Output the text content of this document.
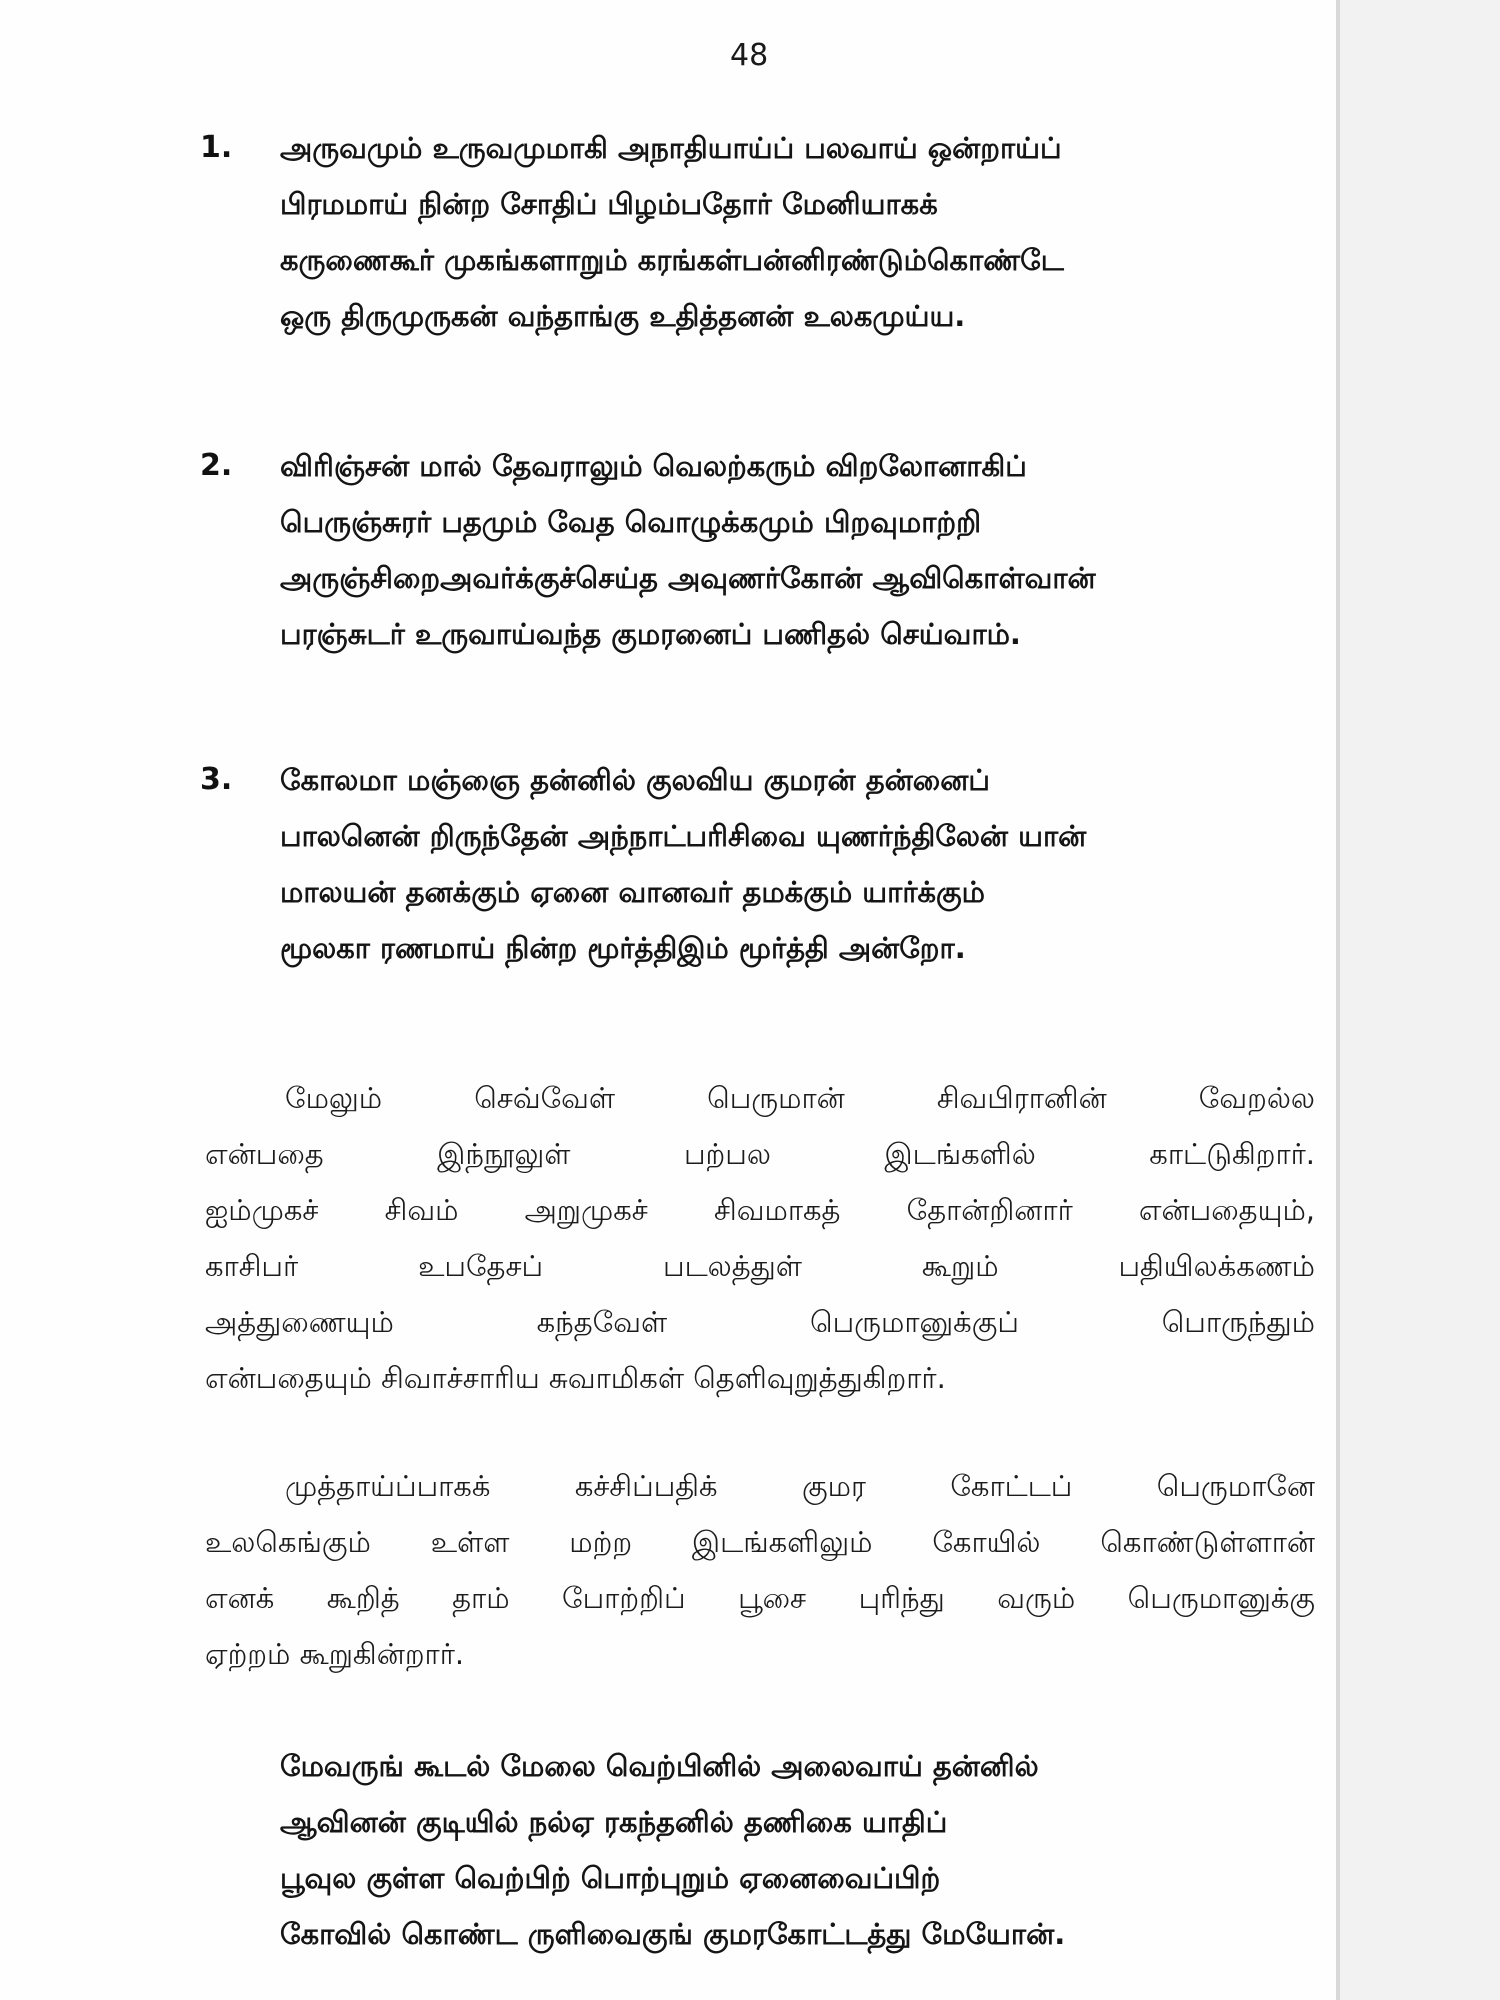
48
1. அருவமும் உருவமுமாகி அநாதியாய்ப் பலவாய் ஒன்றாய்ப்
பிரமமாய் நின்ற சோதிப் பிழம்பதோர் மேனியாகக்
கருணைகூர் முகங்களாறும் கரங்கள்பன்னிரண்டும்கொண்டே
ஒரு திருமுருகன் வந்தாங்கு உதித்தனன் உலகமுய்ய.
2. விரிஞ்சன் மால் தேவராலும் வெலற்கரும் விறலோனாகிப்
பெருஞ்சுரர் பதமும் வேத வொழுக்கமும் பிறவுமாற்றி
அருஞ்சிறைஅவர்க்குச்செய்த அவுணர்கோன் ஆவிகொள்வான்
பரஞ்சுடர் உருவாய்வந்த குமரனைப் பணிதல் செய்வாம்.
3. கோலமா மஞ்ஞை தன்னில் குலவிய குமரன் தன்னைப்
பாலனென் றிருந்தேன் அந்நாட்பரிசிவை யுணர்ந்திலேன் யான்
மாலயன் தனக்கும் ஏனை வானவர் தமக்கும் யார்க்கும்
மூலகா ரணமாய் நின்ற மூர்த்திஇம் மூர்த்தி அன்றோ.
மேலும் செவ்வேள் பெருமான் சிவபிரானின் வேறல்ல
என்பதை இந்நூலுள் பற்பல இடங்களில் காட்டுகிறார்.
ஐம்முகச் சிவம் அறுமுகச் சிவமாகத் தோன்றினார் என்பதையும்,
காசிபர் உபதேசப் படலத்துள் கூறும் பதியிலக்கணம்
அத்துணையும் கந்தவேள் பெருமானுக்குப் பொருந்தும்
என்பதையும் சிவாச்சாரிய சுவாமிகள் தெளிவுறுத்துகிறார்.
முத்தாய்ப்பாகக் கச்சிப்பதிக் குமர கோட்டப் பெருமானே
உலகெங்கும் உள்ள மற்ற இடங்களிலும் கோயில் கொண்டுள்ளான்
எனக் கூறித் தாம் போற்றிப் பூசை புரிந்து வரும் பெருமானுக்கு
ஏற்றம் கூறுகின்றார்.
மேவருங் கூடல் மேலை வெற்பினில் அலைவாய் தன்னில்
ஆவினன் குடியில் நல்ஏ ரகந்தனில் தணிகை யாதிப்
பூவுல குள்ள வெற்பிற் பொற்புறும் ஏனைவைப்பிற்
கோவில் கொண்ட ருளிவைகுங் குமரகோட்டத்து மேயோன்.
